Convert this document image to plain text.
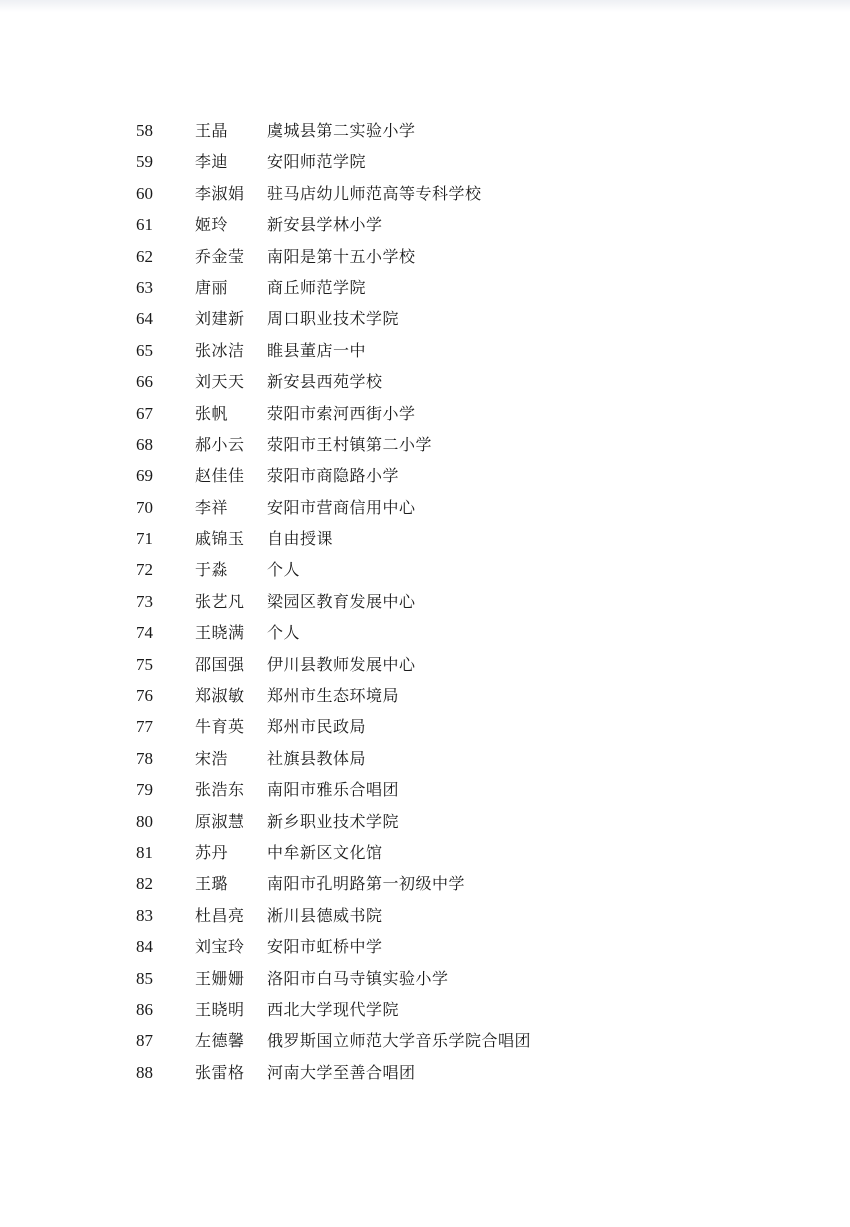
58	王晶 虞城县第二实验小学
59	李迪 安阳师范学院
60	李淑娟 驻马店幼儿师范高等专科学校
61	姬玲 新安县学林小学
62	乔金莹 南阳是第十五小学校
63	唐丽 商丘师范学院
64	刘建新 周口职业技术学院
65	张冰洁 睢县董店一中
66	刘天天 新安县西苑学校
67	张帆 荥阳市索河西街小学
68	郝小云 荥阳市王村镇第二小学
69	赵佳佳 荥阳市商隐路小学
70	李祥 安阳市营商信用中心
71	戚锦玉 自由授课
72	于淼 个人
73	张艺凡 梁园区教育发展中心
74	王晓满 个人
75	邵国强 伊川县教师发展中心
76	郑淑敏 郑州市生态环境局
77	牛育英 郑州市民政局
78	宋浩 社旗县教体局
79	张浩东 南阳市雅乐合唱团
80	原淑慧 新乡职业技术学院
81	苏丹 中牟新区文化馆
82	王璐 南阳市孔明路第一初级中学
83	杜昌亮 淅川县德威书院
84	刘宝玲 安阳市虹桥中学
85	王姗姗 洛阳市白马寺镇实验小学
86	王晓明 西北大学现代学院
87	左德馨 俄罗斯国立师范大学音乐学院合唱团
88	张雷格 河南大学至善合唱团
